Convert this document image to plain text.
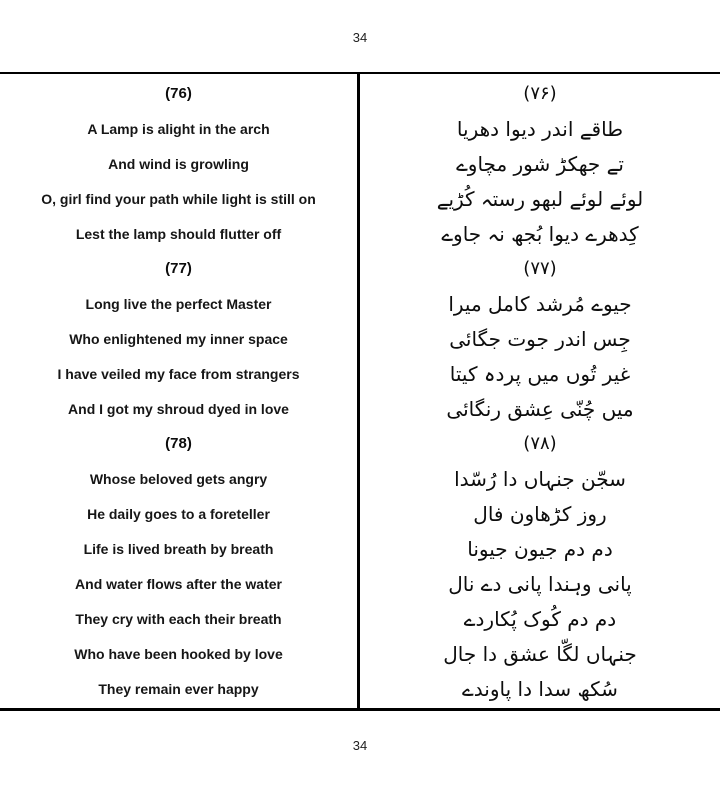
34
(76)
A Lamp is alight in the arch
And wind is growling
O, girl find your path while light is still on
Lest the lamp should flutter off
(77)
Long live the perfect Master
Who enlightened my inner space
I have veiled my face from strangers
And I got my shroud dyed in love
(78)
Whose beloved gets angry
He daily goes to a foreteller
Life is lived breath by breath
And water flows after the water
They cry with each their breath
Who have been hooked by love
They remain ever happy
(۷۶)
طاقے اندر دیوا دھریا
تے جھکڑ شور مچاوے
لوئے لوئے لبھو رستہ کُڑیے
کِدھرے دیوا بُجھ نہ جاوے
(۷۷)
جیوے مُرشد کامل میرا
جِس اندر جوت جگائی
غیر تُوں میں پردہ کیتا
میں چُنّی عِشق رنگائی
(۷۸)
سجّن جنہاں دا رُسّدا
روز کڑھاون فال
دم دم جیون جیونا
پانی وہندا پانی دے نال
دم دم کُوک پُکاردے
جنہاں لگّا عشق دا جال
سُکھ سدا دا پاوندے
34
